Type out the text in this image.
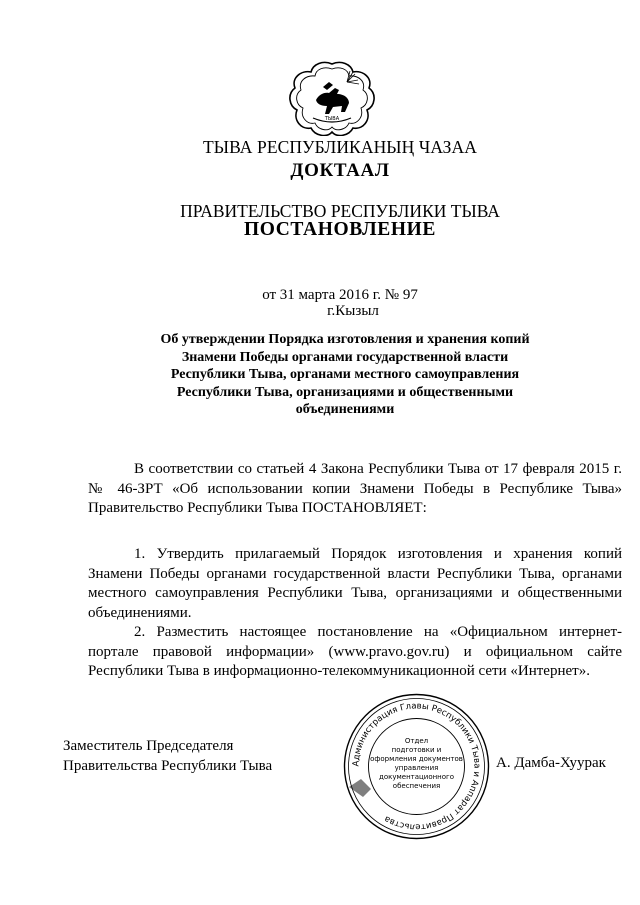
ТЫВА
ТЫВА РЕСПУБЛИКАНЫҢ ЧАЗАА
ДОКТААЛ
ПРАВИТЕЛЬСТВО РЕСПУБЛИКИ ТЫВА
ПОСТАНОВЛЕНИЕ
от 31 марта 2016 г. № 97
г.Кызыл
Об утверждении Порядка изготовления и хранения копий Знамени Победы органами государственной власти Республики Тыва, органами местного самоуправления Республики Тыва, организациями и общественными объединениями

В соответствии со статьей 4 Закона Республики Тыва от 17 февраля 2015 г. № 46-ЗРТ «Об использовании копии Знамени Победы в Республике Тыва» Правительство Республики Тыва ПОСТАНОВЛЯЕТ:

1. Утвердить прилагаемый Порядок изготовления и хранения копий Знамени Победы органами государственной власти Республики Тыва, органами местного самоуправления Республики Тыва, организациями и общественными объединениями.

2. Разместить настоящее постановление на «Официальном интернет-портале правовой информации» (www.pravo.gov.ru) и официальном сайте Республики Тыва в информационно-телекоммуникационной сети «Интернет».

Заместитель Председателя
Правительства Республики Тыва	Администрация Главы Республики Тыва и Аппарат Правительства
Отдел
подготовки и
оформления документов
управления
документационного
обеспечения
А. Дамба-Хуурак
